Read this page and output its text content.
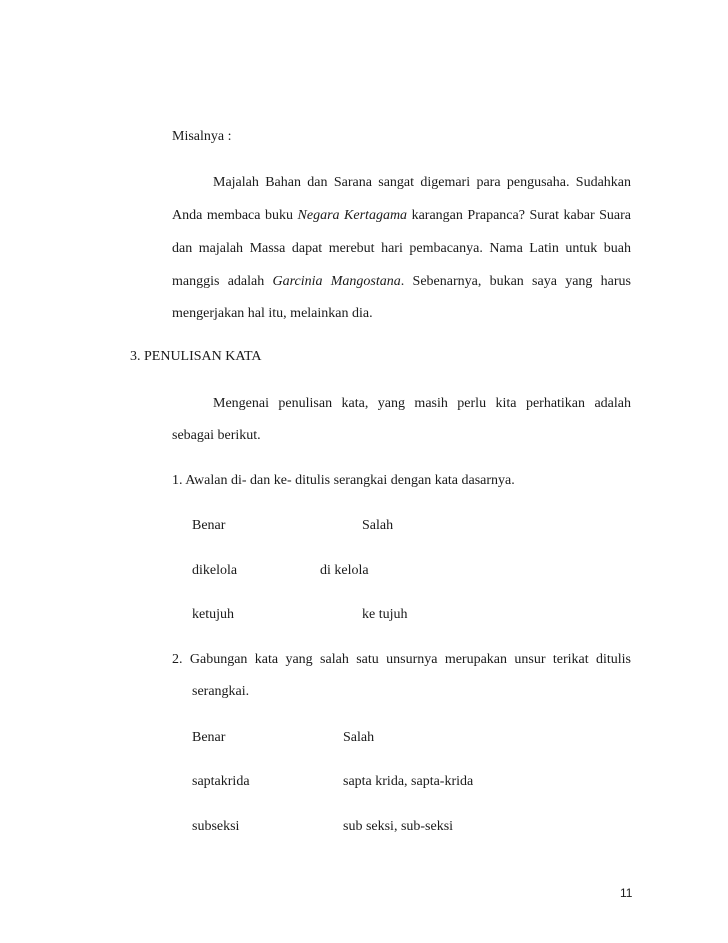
Misalnya :
Majalah Bahan dan Sarana sangat digemari para pengusaha. Sudahkan
Anda membaca buku Negara Kertagama karangan Prapanca? Surat kabar Suara
dan majalah Massa dapat merebut hari pembacanya. Nama Latin untuk buah
manggis adalah Garcinia Mangostana. Sebenarnya, bukan saya yang harus
mengerjakan hal itu, melainkan dia.
3. PENULISAN KATA
Mengenai penulisan kata, yang masih perlu kita perhatikan adalah
sebagai berikut.
1. Awalan di- dan ke- ditulis serangkai dengan kata dasarnya.
Benar	Salah
dikelola	di kelola
ketujuh	ke tujuh
2. Gabungan kata yang salah satu unsurnya merupakan unsur terikat ditulis
serangkai.
Benar	Salah
saptakrida	sapta krida, sapta-krida
subseksi	sub seksi, sub-seksi
11
